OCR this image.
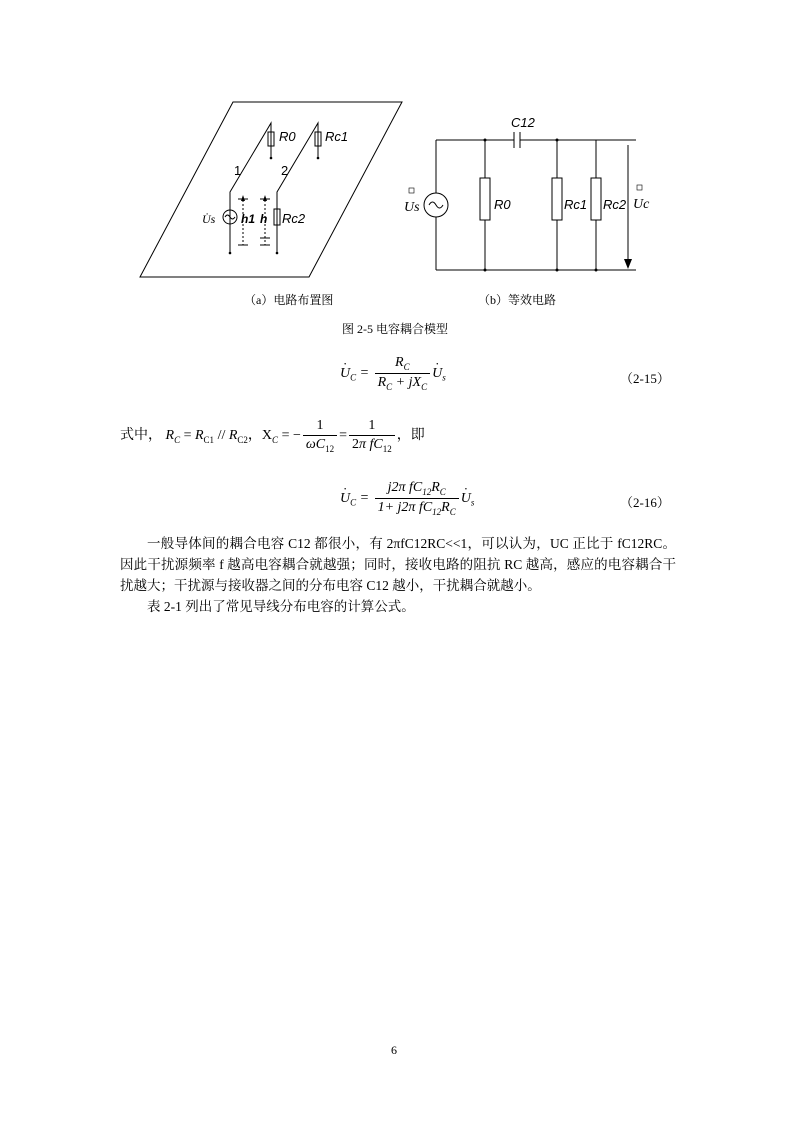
R0 Rc1
Rc2
1	2
U̇s h1 h
C12
R0	Rc1 Rc2
Us	Uc
（a）电路布置图	（b）等效电路
图 2-5 电容耦合模型
· $U_C = \frac{R_C}{R_C + jX_C}$
· $U_s$	（2-15）
式中， $R_C = R_{C1} // R_{C2}$，$X_C$ = − $\frac{1}{\omega C_{12}} = \frac{1}{2\pi fC_{12}}$ ，即
· $U_C = \frac{j2\pi fC_{12}R_C}{1+ j2\pi fC_{12}R_C}$
· $U_s$	（2-16）

一般导体间的耦合电容 C12 都很小，有 2πfC12RC<<1，可以认为，UC 正比于 fC12RC。因此干扰源频率 f 越高电容耦合就越强；同时，接收电路的阻抗 RC 越高，感应的电容耦合干扰越大；干扰源与接收器之间的分布电容 C12 越小，干扰耦合就越小。

表 2-1 列出了常见导线分布电容的计算公式。

6
